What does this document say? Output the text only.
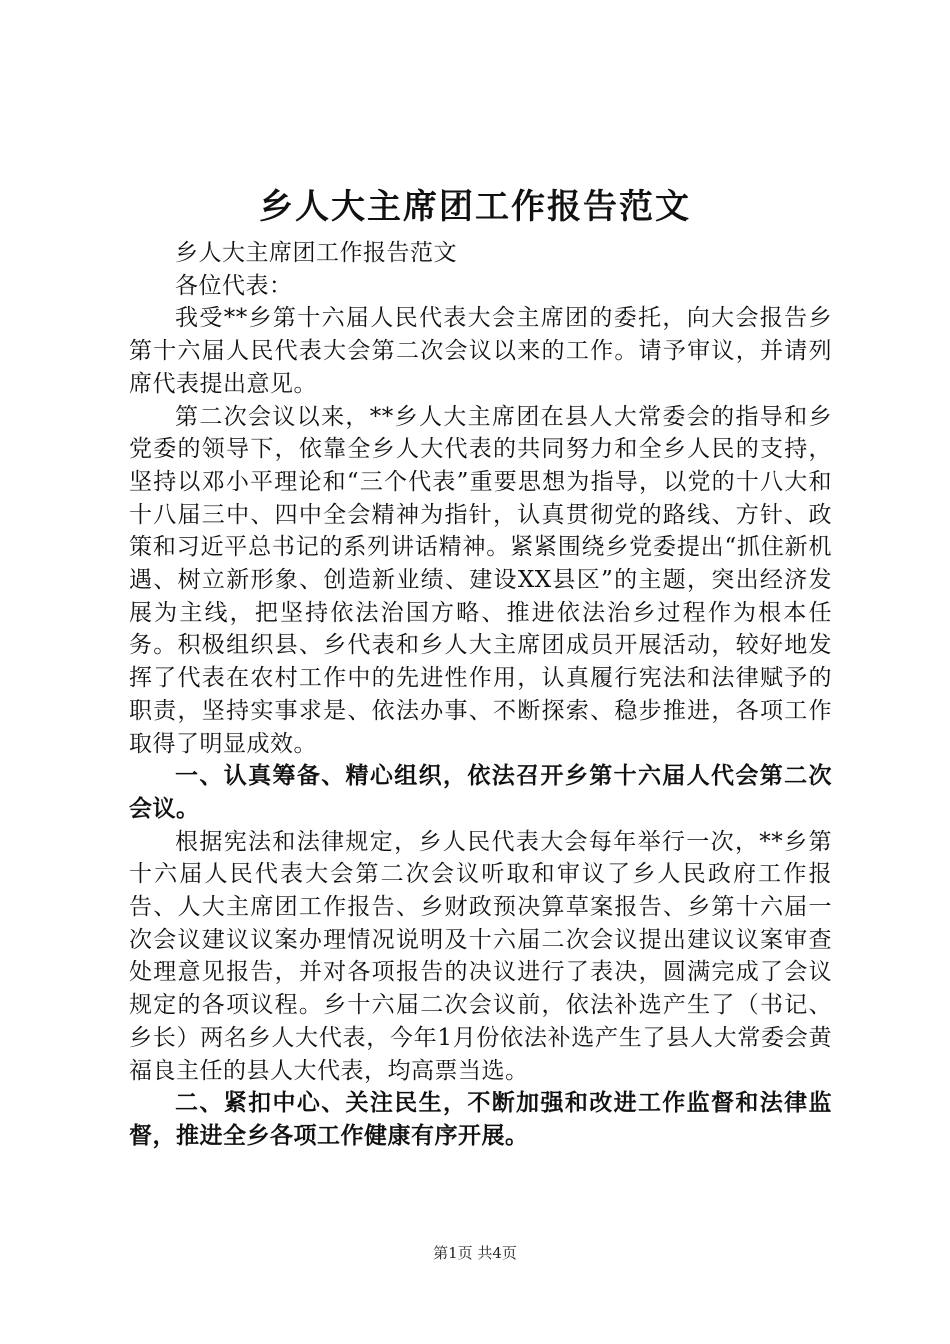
乡人大主席团工作报告范文

乡人大主席团工作报告范文

各位代表：

我受**乡第十六届人民代表大会主席团的委托，向大会报告乡第十六届人民代表大会第二次会议以来的工作。请予审议，并请列席代表提出意见。

第二次会议以来，**乡人大主席团在县人大常委会的指导和乡党委的领导下，依靠全乡人大代表的共同努力和全乡人民的支持，坚持以邓小平理论和“三个代表”重要思想为指导，以党的十八大和十八届三中、四中全会精神为指针，认真贯彻党的路线、方针、政策和习近平总书记的系列讲话精神。紧紧围绕乡党委提出“抓住新机遇、树立新形象、创造新业绩、建设XX县区”的主题，突出经济发展为主线，把坚持依法治国方略、推进依法治乡过程作为根本任务。积极组织县、乡代表和乡人大主席团成员开展活动，较好地发挥了代表在农村工作中的先进性作用，认真履行宪法和法律赋予的职责，坚持实事求是、依法办事、不断探索、稳步推进，各项工作取得了明显成效。

一、认真筹备、精心组织，依法召开乡第十六届人代会第二次会议。

根据宪法和法律规定，乡人民代表大会每年举行一次，**乡第十六届人民代表大会第二次会议听取和审议了乡人民政府工作报告、人大主席团工作报告、乡财政预决算草案报告、乡第十六届一次会议建议议案办理情况说明及十六届二次会议提出建议议案审查处理意见报告，并对各项报告的决议进行了表决，圆满完成了会议规定的各项议程。乡十六届二次会议前，依法补选产生了（书记、乡长）两名乡人大代表，今年1月份依法补选产生了县人大常委会黄福良主任的县人大代表，均高票当选。

二、紧扣中心、关注民生，不断加强和改进工作监督和法律监督，推进全乡各项工作健康有序开展。

第1页 共4页
